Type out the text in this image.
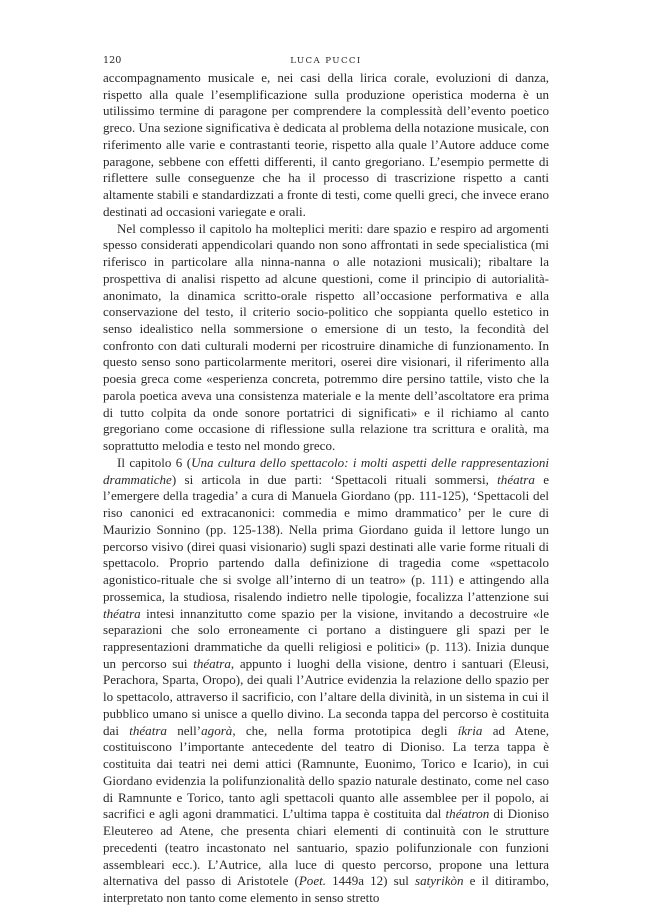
120	LUCA PUCCI

accompagnamento musicale e, nei casi della lirica corale, evoluzioni di danza, rispetto alla quale l’esemplificazione sulla produzione operistica moderna è un utilissimo termine di paragone per comprendere la complessità dell’evento poetico greco. Una sezione significativa è dedicata al problema della notazione musicale, con riferimento alle varie e contrastanti teorie, rispetto alla quale l’Autore adduce come paragone, sebbene con effetti differenti, il canto gregoriano. L’esempio permette di riflettere sulle conseguenze che ha il processo di trascrizione rispetto a canti altamente stabili e standardizzati a fronte di testi, come quelli greci, che invece erano destinati ad occasioni variegate e orali.

Nel complesso il capitolo ha molteplici meriti: dare spazio e respiro ad argomenti spesso considerati appendicolari quando non sono affrontati in sede specialistica (mi riferisco in particolare alla ninna-nanna o alle notazioni musicali); ribaltare la prospettiva di analisi rispetto ad alcune questioni, come il principio di autorialità-anonimato, la dinamica scritto-orale rispetto all’occasione performativa e alla conservazione del testo, il criterio socio-politico che soppianta quello estetico in senso idealistico nella sommersione o emersione di un testo, la fecondità del confronto con dati culturali moderni per ricostruire dinamiche di funzionamento. In questo senso sono particolarmente meritori, oserei dire visionari, il riferimento alla poesia greca come «esperienza concreta, potremmo dire persino tattile, visto che la parola poetica aveva una consistenza materiale e la mente dell’ascoltatore era prima di tutto colpita da onde sonore portatrici di significati» e il richiamo al canto gregoriano come occasione di riflessione sulla relazione tra scrittura e oralità, ma soprattutto melodia e testo nel mondo greco.

Il capitolo 6 (Una cultura dello spettacolo: i molti aspetti delle rappresentazioni drammatiche) si articola in due parti: ‘Spettacoli rituali sommersi, théatra e l’emergere della tragedia’ a cura di Manuela Giordano (pp. 111-125), ‘Spettacoli del riso canonici ed extracanonici: commedia e mimo drammatico’ per le cure di Maurizio Sonnino (pp. 125-138). Nella prima Giordano guida il lettore lungo un percorso visivo (direi quasi visionario) sugli spazi destinati alle varie forme rituali di spettacolo. Proprio partendo dalla definizione di tragedia come «spettacolo agonistico-rituale che si svolge all’interno di un teatro» (p. 111) e attingendo alla prossemica, la studiosa, risalendo indietro nelle tipologie, focalizza l’attenzione sui théatra intesi innanzitutto come spazio per la visione, invitando a decostruire «le separazioni che solo erroneamente ci portano a distinguere gli spazi per le rappresentazioni drammatiche da quelli religiosi e politici» (p. 113). Inizia dunque un percorso sui théatra, appunto i luoghi della visione, dentro i santuari (Eleusi, Perachora, Sparta, Oropo), dei quali l’Autrice evidenzia la relazione dello spazio per lo spettacolo, attraverso il sacrificio, con l’altare della divinità, in un sistema in cui il pubblico umano si unisce a quello divino. La seconda tappa del percorso è costituita dai théatra nell’agorà, che, nella forma prototipica degli íkria ad Atene, costituiscono l’importante antecedente del teatro di Dioniso. La terza tappa è costituita dai teatri nei demi attici (Ramnunte, Euonimo, Torico e Icario), in cui Giordano evidenzia la polifunzionalità dello spazio naturale destinato, come nel caso di Ramnunte e Torico, tanto agli spettacoli quanto alle assemblee per il popolo, ai sacrifici e agli agoni drammatici. L’ultima tappa è costituita dal théatron di Dioniso Eleutereo ad Atene, che presenta chiari elementi di continuità con le strutture precedenti (teatro incastonato nel santuario, spazio polifunzionale con funzioni assembleari ecc.). L’Autrice, alla luce di questo percorso, propone una lettura alternativa del passo di Aristotele (Poet. 1449a 12) sul satyrikòn e il ditirambo, interpretato non tanto come elemento in senso stretto
